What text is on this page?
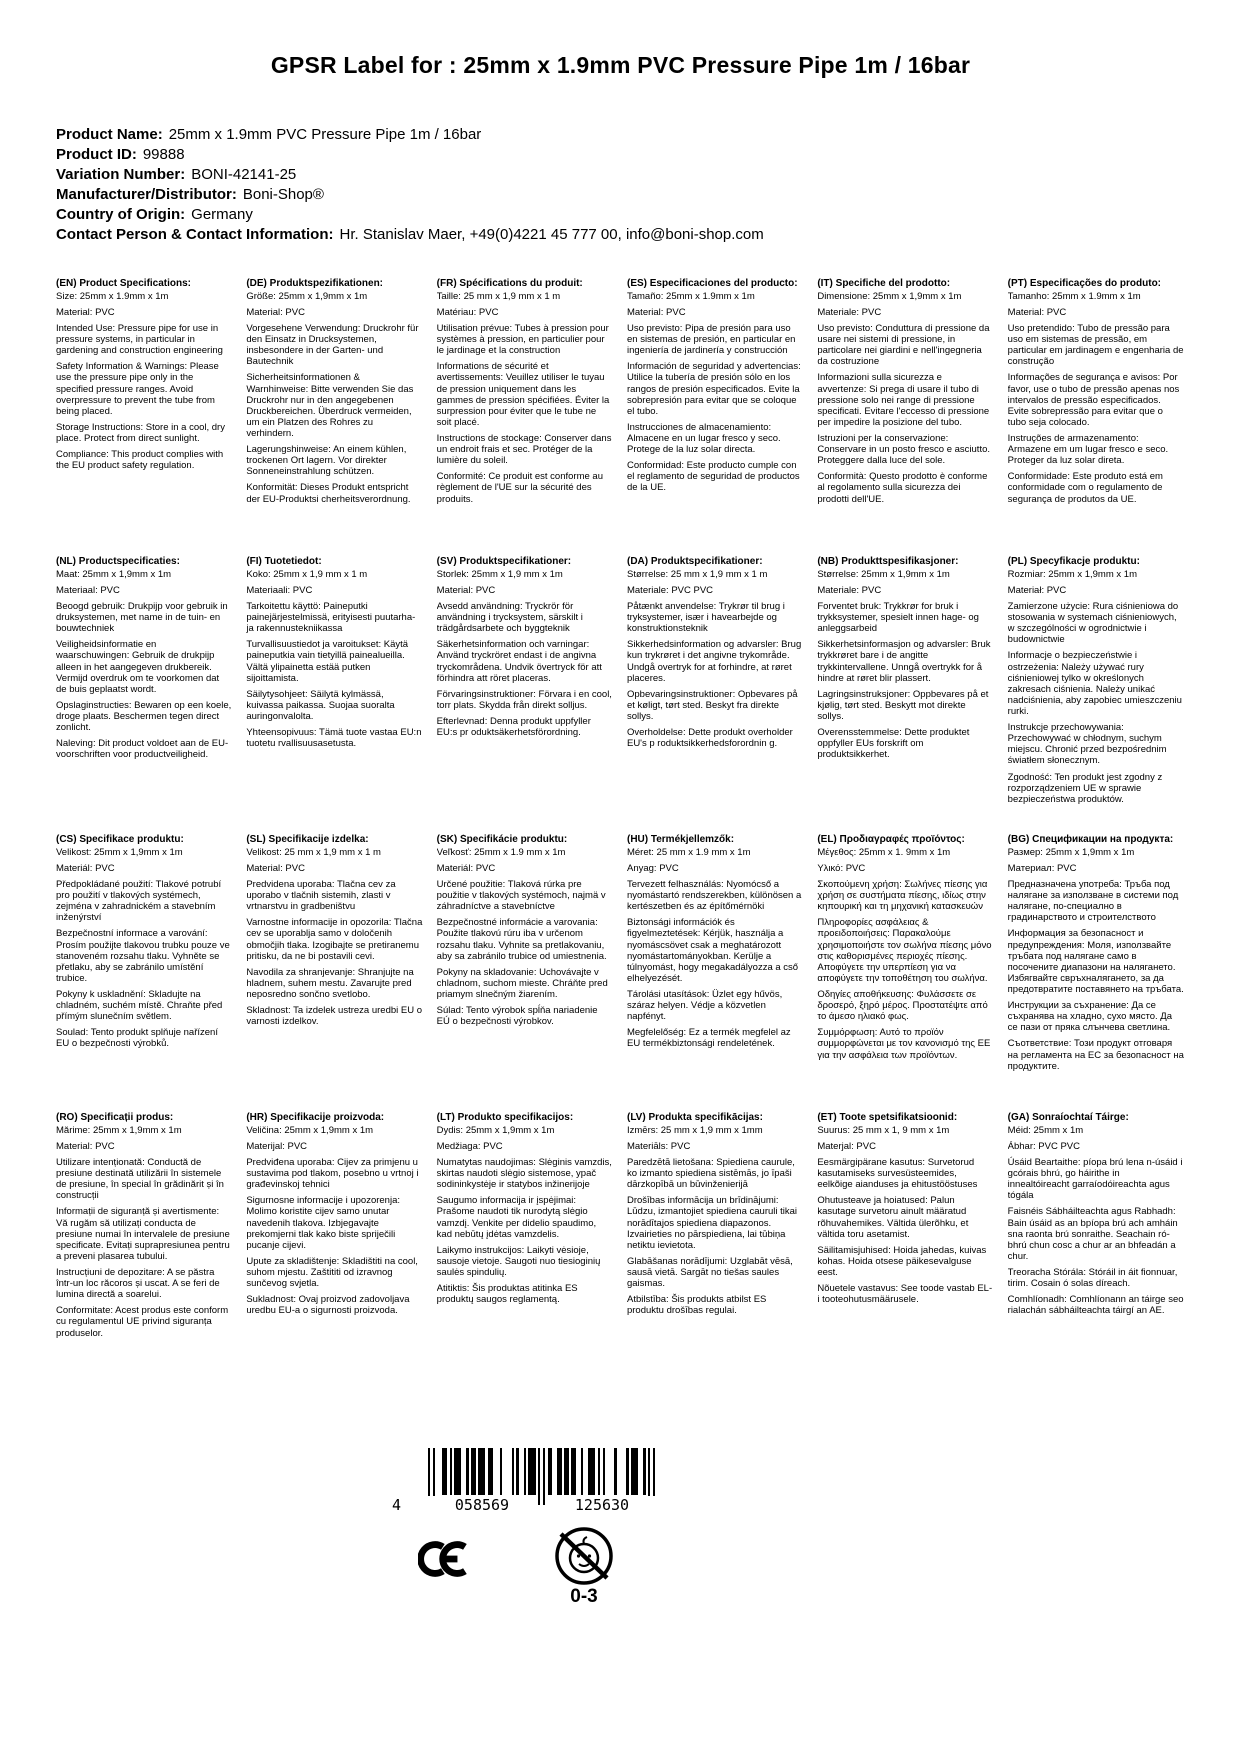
GPSR Label for : 25mm x 1.9mm PVC Pressure Pipe 1m / 16bar
Product Name: 25mm x 1.9mm PVC Pressure Pipe 1m / 16bar
Product ID: 99888
Variation Number: BONI-42141-25
Manufacturer/Distributor: Boni-Shop®
Country of Origin: Germany
Contact Person & Contact Information: Hr. Stanislav Maer, +49(0)4221 45 777 00, info@boni-shop.com
(EN) Product Specifications:

Size: 25mm x 1.9mm x 1m

Material: PVC

Intended Use: Pressure pipe for use in pressure systems, in particular in gardening and construction engineering

Safety Information & Warnings: Please use the pressure pipe only in the specified pressure ranges. Avoid overpressure to prevent the tube from being placed.

Storage Instructions: Store in a cool, dry place. Protect from direct sunlight.

Compliance: This product complies with the EU product safety regulation.

(DE) Produktspezifikationen:

Größe: 25mm x 1,9mm x 1m

Material: PVC

Vorgesehene Verwendung: Druckrohr für den Einsatz in Drucksystemen, insbesondere in der Garten- und Bautechnik

Sicherheitsinformationen & Warnhinweise: Bitte verwenden Sie das Druckrohr nur in den angegebenen Druckbereichen. Überdruck vermeiden, um ein Platzen des Rohres zu verhindern.

Lagerungshinweise: An einem kühlen, trockenen Ort lagern. Vor direkter Sonneneinstrahlung schützen.

Konformität: Dieses Produkt entspricht der EU-Produktsi cherheitsverordnung.

(FR) Spécifications du produit:

Taille: 25 mm x 1,9 mm x 1 m

Matériau: PVC

Utilisation prévue: Tubes à pression pour systèmes à pression, en particulier pour le jardinage et la construction

Informations de sécurité et avertissements: Veuillez utiliser le tuyau de pression uniquement dans les gammes de pression spécifiées. Éviter la surpression pour éviter que le tube ne soit placé.

Instructions de stockage: Conserver dans un endroit frais et sec. Protéger de la lumière du soleil.

Conformité: Ce produit est conforme au règlement de l'UE sur la sécurité des produits.

(ES) Especificaciones del producto:

Tamaño: 25mm x 1.9mm x 1m

Material: PVC

Uso previsto: Pipa de presión para uso en sistemas de presión, en particular en ingeniería de jardinería y construcción

Información de seguridad y advertencias: Utilice la tubería de presión sólo en los rangos de presión especificados. Evite la sobrepresión para evitar que se coloque el tubo.

Instrucciones de almacenamiento: Almacene en un lugar fresco y seco. Protege de la luz solar directa.

Conformidad: Este producto cumple con el reglamento de seguridad de productos de la UE.

(IT) Specifiche del prodotto:

Dimensione: 25mm x 1,9mm x 1m

Materiale: PVC

Uso previsto: Conduttura di pressione da usare nei sistemi di pressione, in particolare nei giardini e nell'ingegneria da costruzione

Informazioni sulla sicurezza e avvertenze: Si prega di usare il tubo di pressione solo nei range di pressione specificati. Evitare l'eccesso di pressione per impedire la posizione del tubo.

Istruzioni per la conservazione: Conservare in un posto fresco e asciutto. Proteggere dalla luce del sole.

Conformità: Questo prodotto è conforme al regolamento sulla sicurezza dei prodotti dell'UE.

(PT) Especificações do produto:

Tamanho: 25mm x 1.9mm x 1m

Material: PVC

Uso pretendido: Tubo de pressão para uso em sistemas de pressão, em particular em jardinagem e engenharia de construção

Informações de segurança e avisos: Por favor, use o tubo de pressão apenas nos intervalos de pressão especificados. Evite sobrepressão para evitar que o tubo seja colocado.

Instruções de armazenamento: Armazene em um lugar fresco e seco. Proteger da luz solar direta.

Conformidade: Este produto está em conformidade com o regulamento de segurança de produtos da UE.

(NL) Productspecificaties:

Maat: 25mm x 1,9mm x 1m

Materiaal: PVC

Beoogd gebruik: Drukpijp voor gebruik in druksystemen, met name in de tuin- en bouwtechniek

Veiligheidsinformatie en waarschuwingen: Gebruik de drukpijp alleen in het aangegeven drukbereik. Vermijd overdruk om te voorkomen dat de buis geplaatst wordt.

Opslaginstructies: Bewaren op een koele, droge plaats. Beschermen tegen direct zonlicht.

Naleving: Dit product voldoet aan de EU-voorschriften voor productveiligheid.

(FI) Tuotetiedot:

Koko: 25mm x 1,9 mm x 1 m

Materiaali: PVC

Tarkoitettu käyttö: Paineputki painejärjestelmissä, erityisesti puutarha- ja rakennustekniikassa

Turvallisuustiedot ja varoitukset: Käytä paineputkia vain tietyillä painealueilla. Vältä ylipainetta estää putken sijoittamista.

Säilytysohjeet: Säilytä kylmässä, kuivassa paikassa. Suojaa suoralta auringonvalolta.

Yhteensopivuus: Tämä tuote vastaa EU:n tuotetu rvallisuusasetusta.

(SV) Produktspecifikationer:

Storlek: 25mm x 1,9 mm x 1m

Material: PVC

Avsedd användning: Tryckrör för användning i trycksystem, särskilt i trädgårdsarbete och byggteknik

Säkerhetsinformation och varningar: Använd tryckröret endast i de angivna tryckområdena. Undvik övertryck för att förhindra att röret placeras.

Förvaringsinstruktioner: Förvara i en cool, torr plats. Skydda från direkt solljus.

Efterlevnad: Denna produkt uppfyller EU:s pr oduktsäkerhetsförordning.

(DA) Produktspecifikationer:

Størrelse: 25 mm x 1,9 mm x 1 m

Materiale: PVC PVC

Påtænkt anvendelse: Trykrør til brug i tryksystemer, især i havearbejde og konstruktionsteknik

Sikkerhedsinformation og advarsler: Brug kun trykrøret i det angivne trykområde. Undgå overtryk for at forhindre, at røret placeres.

Opbevaringsinstruktioner: Opbevares på et køligt, tørt sted. Beskyt fra direkte sollys.

Overholdelse: Dette produkt overholder EU's p roduktsikkerhedsforordnin g.

(NB) Produkttspesifikasjoner:

Størrelse: 25mm x 1,9mm x 1m

Materiale: PVC

Forventet bruk: Trykkrør for bruk i trykksystemer, spesielt innen hage- og anleggsarbeid

Sikkerhetsinformasjon og advarsler: Bruk trykkrøret bare i de angitte trykkintervallene. Unngå overtrykk for å hindre at røret blir plassert.

Lagringsinstruksjoner: Oppbevares på et kjølig, tørt sted. Beskytt mot direkte sollys.

Overensstemmelse: Dette produktet oppfyller EUs forskrift om produktsikkerhet.

(PL) Specyfikacje produktu:

Rozmiar: 25mm x 1,9mm x 1m

Materiał: PVC

Zamierzone użycie: Rura ciśnieniowa do stosowania w systemach ciśnieniowych, w szczególności w ogrodnictwie i budownictwie

Informacje o bezpieczeństwie i ostrzeżenia: Należy używać rury ciśnieniowej tylko w określonych zakresach ciśnienia. Należy unikać nadciśnienia, aby zapobiec umieszczeniu rurki.

Instrukcje przechowywania: Przechowywać w chłodnym, suchym miejscu. Chronić przed bezpośrednim światłem słonecznym.

Zgodność: Ten produkt jest zgodny z rozporządzeniem UE w sprawie bezpieczeństwa produktów.

(CS) Specifikace produktu:

Velikost: 25mm x 1,9mm x 1m

Materiál: PVC

Předpokládané použití: Tlakové potrubí pro použití v tlakových systémech, zejména v zahradnickém a stavebním inženýrství

Bezpečnostní informace a varování: Prosím použijte tlakovou trubku pouze ve stanoveném rozsahu tlaku. Vyhněte se přetlaku, aby se zabránilo umístění trubice.

Pokyny k uskladnění: Skladujte na chladném, suchém místě. Chraňte před přímým slunečním světlem.

Soulad: Tento produkt splňuje nařízení EU o bezpečnosti výrobků.

(SL) Specifikacije izdelka:

Velikost: 25 mm x 1,9 mm x 1 m

Material: PVC

Predvidena uporaba: Tlačna cev za uporabo v tlačnih sistemih, zlasti v vrtnarstvu in gradbeništvu

Varnostne informacije in opozorila: Tlačna cev se uporablja samo v določenih območjih tlaka. Izogibajte se pretiranemu pritisku, da ne bi postavili cevi.

Navodila za shranjevanje: Shranjujte na hladnem, suhem mestu. Zavarujte pred neposredno sončno svetlobo.

Skladnost: Ta izdelek ustreza uredbi EU o varnosti izdelkov.

(SK) Špecifikácie produktu:

Veľkosť: 25mm x 1.9 mm x 1m

Materiál: PVC

Určené použitie: Tlaková rúrka pre použitie v tlakových systémoch, najmä v záhradníctve a stavebníctve

Bezpečnostné informácie a varovania: Použite tlakovú rúru iba v určenom rozsahu tlaku. Vyhnite sa pretlakovaniu, aby sa zabránilo trubice od umiestnenia.

Pokyny na skladovanie: Uchovávajte v chladnom, suchom mieste. Chráňte pred priamym slnečným žiarením.

Súlad: Tento výrobok spĺňa nariadenie EÚ o bezpečnosti výrobkov.

(HU) Termékjellemzők:

Méret: 25 mm x 1.9 mm x 1m

Anyag: PVC

Tervezett felhasználás: Nyomócső a nyomástartó rendszerekben, különösen a kertészetben és az építőmérnöki

Biztonsági információk és figyelmeztetések: Kérjük, használja a nyomáscsövet csak a meghatározott nyomástartományokban. Kerülje a túlnyomást, hogy megakadályozza a cső elhelyezését.

Tárolási utasítások: Üzlet egy hűvös, száraz helyen. Védje a közvetlen napfényt.

Megfelelőség: Ez a termék megfelel az EU termékbiztonsági rendeletének.

(EL) Προδιαγραφές προϊόντος:

Μέγεθος: 25mm x 1. 9mm x 1m

Υλικό: PVC

Σκοπούμενη χρήση: Σωλήνες πίεσης για χρήση σε συστήματα πίεσης, ιδίως στην κηπουρική και τη μηχανική κατασκευών

Πληροφορίες ασφάλειας & προειδοποιήσεις: Παρακαλούμε χρησιμοποιήστε τον σωλήνα πίεσης μόνο στις καθορισμένες περιοχές πίεσης. Αποφύγετε την υπερπίεση για να αποφύγετε την τοποθέτηση του σωλήνα.

Οδηγίες αποθήκευσης: Φυλάσσετε σε δροσερό, ξηρό μέρος. Προστατέψτε από το άμεσο ηλιακό φως.

Συμμόρφωση: Αυτό το προϊόν συμμορφώνεται με τον κανονισμό της ΕΕ για την ασφάλεια των προϊόντων.

(BG) Спецификации на продукта:

Размер: 25mm x 1,9mm x 1m

Материал: PVC

Предназначена употреба: Тръба под налягане за използване в системи под налягане, по-специално в градинарството и строителството

Информация за безопасност и предупреждения: Моля, използвайте тръбата под налягане само в посочените диапазони на налягането. Избягвайте свръхналягането, за да предотвратите поставянето на тръбата.

Инструкции за съхранение: Да се съхранява на хладно, сухо място. Да се пази от пряка слънчева светлина.

Съответствие: Този продукт отговаря на регламента на ЕС за безопасност на продуктите.

(RO) Specificații produs:

Mărime: 25mm x 1,9mm x 1m

Material: PVC

Utilizare intenționată: Conductă de presiune destinată utilizării în sistemele de presiune, în special în grădinărit și în construcții

Informații de siguranță și avertismente: Vă rugăm să utilizați conducta de presiune numai în intervalele de presiune specificate. Evitați suprapresiunea pentru a preveni plasarea tubului.

Instrucțiuni de depozitare: A se păstra într-un loc răcoros și uscat. A se feri de lumina directă a soarelui.

Conformitate: Acest produs este conform cu regulamentul UE privind siguranța produselor.

(HR) Specifikacije proizvoda:

Veličina: 25mm x 1,9mm x 1m

Materijal: PVC

Predviđena uporaba: Cijev za primjenu u sustavima pod tlakom, posebno u vrtnoj i građevinskoj tehnici

Sigurnosne informacije i upozorenja: Molimo koristite cijev samo unutar navedenih tlakova. Izbjegavajte prekomjerni tlak kako biste spriječili pucanje cijevi.

Upute za skladištenje: Skladištiti na cool, suhom mjestu. Zaštititi od izravnog sunčevog svjetla.

Sukladnost: Ovaj proizvod zadovoljava uredbu EU-a o sigurnosti proizvoda.

(LT) Produkto specifikacijos:

Dydis: 25mm x 1,9mm x 1m

Medžiaga: PVC

Numatytas naudojimas: Slėginis vamzdis, skirtas naudoti slėgio sistemose, ypač sodininkystėje ir statybos inžinerijoje

Saugumo informacija ir įspėjimai: Prašome naudoti tik nurodytą slėgio vamzdį. Venkite per didelio spaudimo, kad nebūtų įdėtas vamzdelis.

Laikymo instrukcijos: Laikyti vėsioje, sausoje vietoje. Saugoti nuo tiesioginių saulės spindulių.

Atitiktis: Šis produktas atitinka ES produktų saugos reglamentą.

(LV) Produkta specifikācijas:

Izmērs: 25 mm x 1,9 mm x 1mm

Materiāls: PVC

Paredzētā lietošana: Spiediena caurule, ko izmanto spiediena sistēmās, jo īpaši dārzkopībā un būvinženierijā

Drošības informācija un brīdinājumi: Lūdzu, izmantojiet spiediena cauruli tikai norādītajos spiediena diapazonos. Izvairieties no pārspiediena, lai tūbiņa netiktu ievietota.

Glabāšanas norādījumi: Uzglabāt vēsā, sausā vietā. Sargāt no tiešas saules gaismas.

Atbilstība: Šis produkts atbilst ES produktu drošības regulai.

(ET) Toote spetsifikatsioonid:

Suurus: 25 mm x 1, 9 mm x 1m

Materjal: PVC

Eesmärgipärane kasutus: Survetorud kasutamiseks survesüsteemides, eelkõige aianduses ja ehitustööstuses

Ohutusteave ja hoiatused: Palun kasutage survetoru ainult määratud rõhuvahemikes. Vältida ülerõhku, et vältida toru asetamist.

Säilitamisjuhised: Hoida jahedas, kuivas kohas. Hoida otsese päikesevalguse eest.

Nõuetele vastavus: See toode vastab EL-i tooteohutusmäärusele.

(GA) Sonraíochtaí Táirge:

Méid: 25mm x 1m

Ábhar: PVC PVC

Úsáid Beartaithe: píopa brú lena n-úsáid i gcórais bhrú, go háirithe in innealtóireacht garraíodóireachta agus tógála

Faisnéis Sábháilteachta agus Rabhadh: Bain úsáid as an bpíopa brú ach amháin sna raonta brú sonraithe. Seachain ró-bhrú chun cosc a chur ar an bhfeadán a chur.

Treoracha Stórála: Stóráil in áit fionnuar, tirim. Cosain ó solas díreach.

Comhlíonadh: Comhlíonann an táirge seo rialachán sábháilteachta táirgí an AE.

4	058569	125630
0-3
